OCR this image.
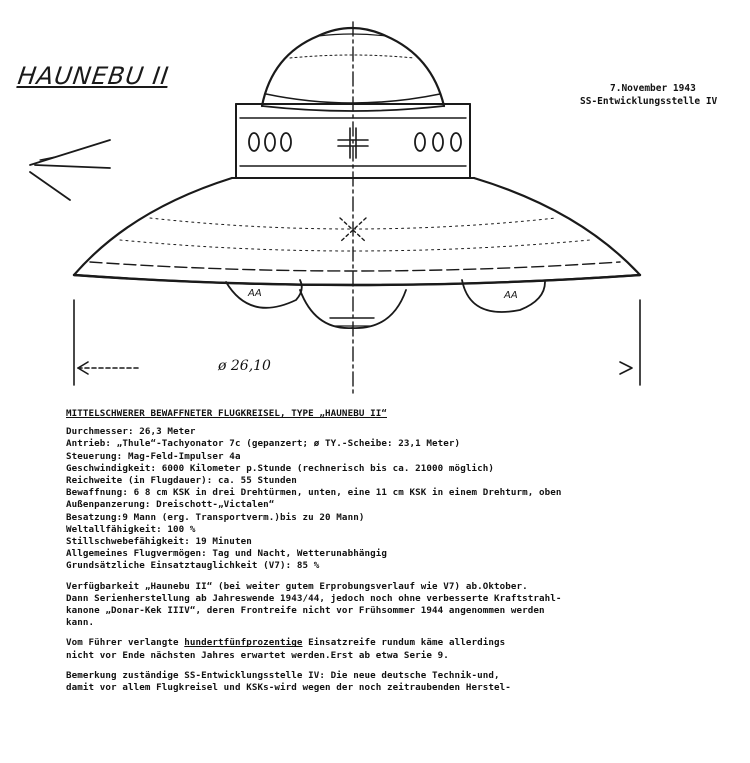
AA	AA
HAUNEBU II	7.November 1943
SS-Entwicklungsstelle IV
ø 26,10
MITTELSCHWERER BEWAFFNETER FLUGKREISEL, TYPE „HAUNEBU II“
Durchmesser: 26,3 Meter
Antrieb: „Thule“-Tachyonator 7c (gepanzert; ø TY.-Scheibe: 23,1 Meter)
Steuerung: Mag-Feld-Impulser 4a
Geschwindigkeit: 6000 Kilometer p.Stunde (rechnerisch bis ca. 21000 möglich)
Reichweite (in Flugdauer): ca. 55 Stunden
Bewaffnung: 6 8 cm KSK in drei Drehtürmen, unten, eine 11 cm KSK in einem Drehturm, oben
Außenpanzerung: Dreischott-„Victalen“
Besatzung:9 Mann (erg. Transportverm.)bis zu 20 Mann)
Weltallfähigkeit: 100 %
Stillschwebefähigkeit: 19 Minuten
Allgemeines Flugvermögen: Tag und Nacht, Wetterunabhängig
Grundsätzliche Einsatztauglichkeit (V7): 85 %
Verfügbarkeit „Haunebu II“ (bei weiter gutem Erprobungsverlauf wie V7) ab.Oktober.
Dann Serienherstellung ab Jahreswende 1943/44, jedoch noch ohne verbesserte Kraftstrahl-
kanone „Donar-Kek IIIV“, deren Frontreife nicht vor Frühsommer 1944 angenommen werden
kann.
Vom Führer verlangte hundertfünfprozentige Einsatzreife rundum käme allerdings
nicht vor Ende nächsten Jahres erwartet werden.Erst ab etwa Serie 9.
Bemerkung zuständige SS-Entwicklungsstelle IV: Die neue deutsche Technik-und,
damit vor allem Flugkreisel und KSKs-wird wegen der noch zeitraubenden Herstel-
